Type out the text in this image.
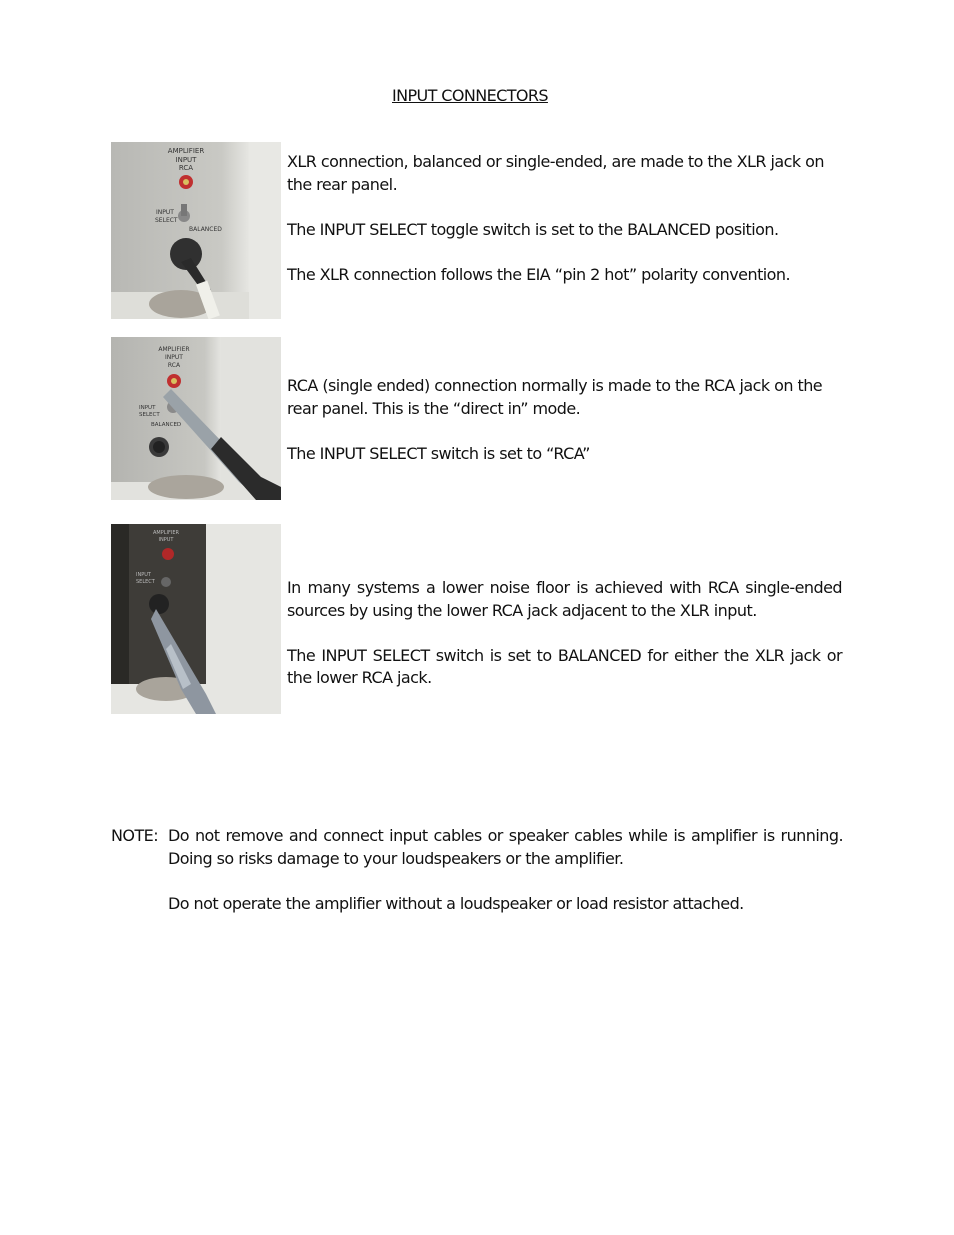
INPUT CONNECTORS
AMPLIFIER
INPUT
RCA
INPUT
SELECT
BALANCED

XLR connection, balanced or single-ended, are made to the XLR jack on the rear panel.

The INPUT SELECT toggle switch is set to the BALANCED position.

The XLR connection follows the EIA “pin 2 hot” polarity convention.

AMPLIFIER
INPUT
RCA
INPUT
SELECT
BALANCED

RCA (single ended) connection normally is made to the RCA jack on the rear panel. This is the “direct in” mode.

The INPUT SELECT switch is set to “RCA”

AMPLIFIER
INPUT
INPUT
SELECT	In many systems a lower noise floor is achieved with RCA single-ended sources by using the lower RCA jack adjacent to the XLR input.

The INPUT SELECT switch is set to BALANCED for either the XLR jack or the lower RCA jack.

NOTE: Do not remove and connect input cables or speaker cables while is amplifier is running. Doing so risks damage to your loudspeakers or the amplifier.

Do not operate the amplifier without a loudspeaker or load resistor attached.
